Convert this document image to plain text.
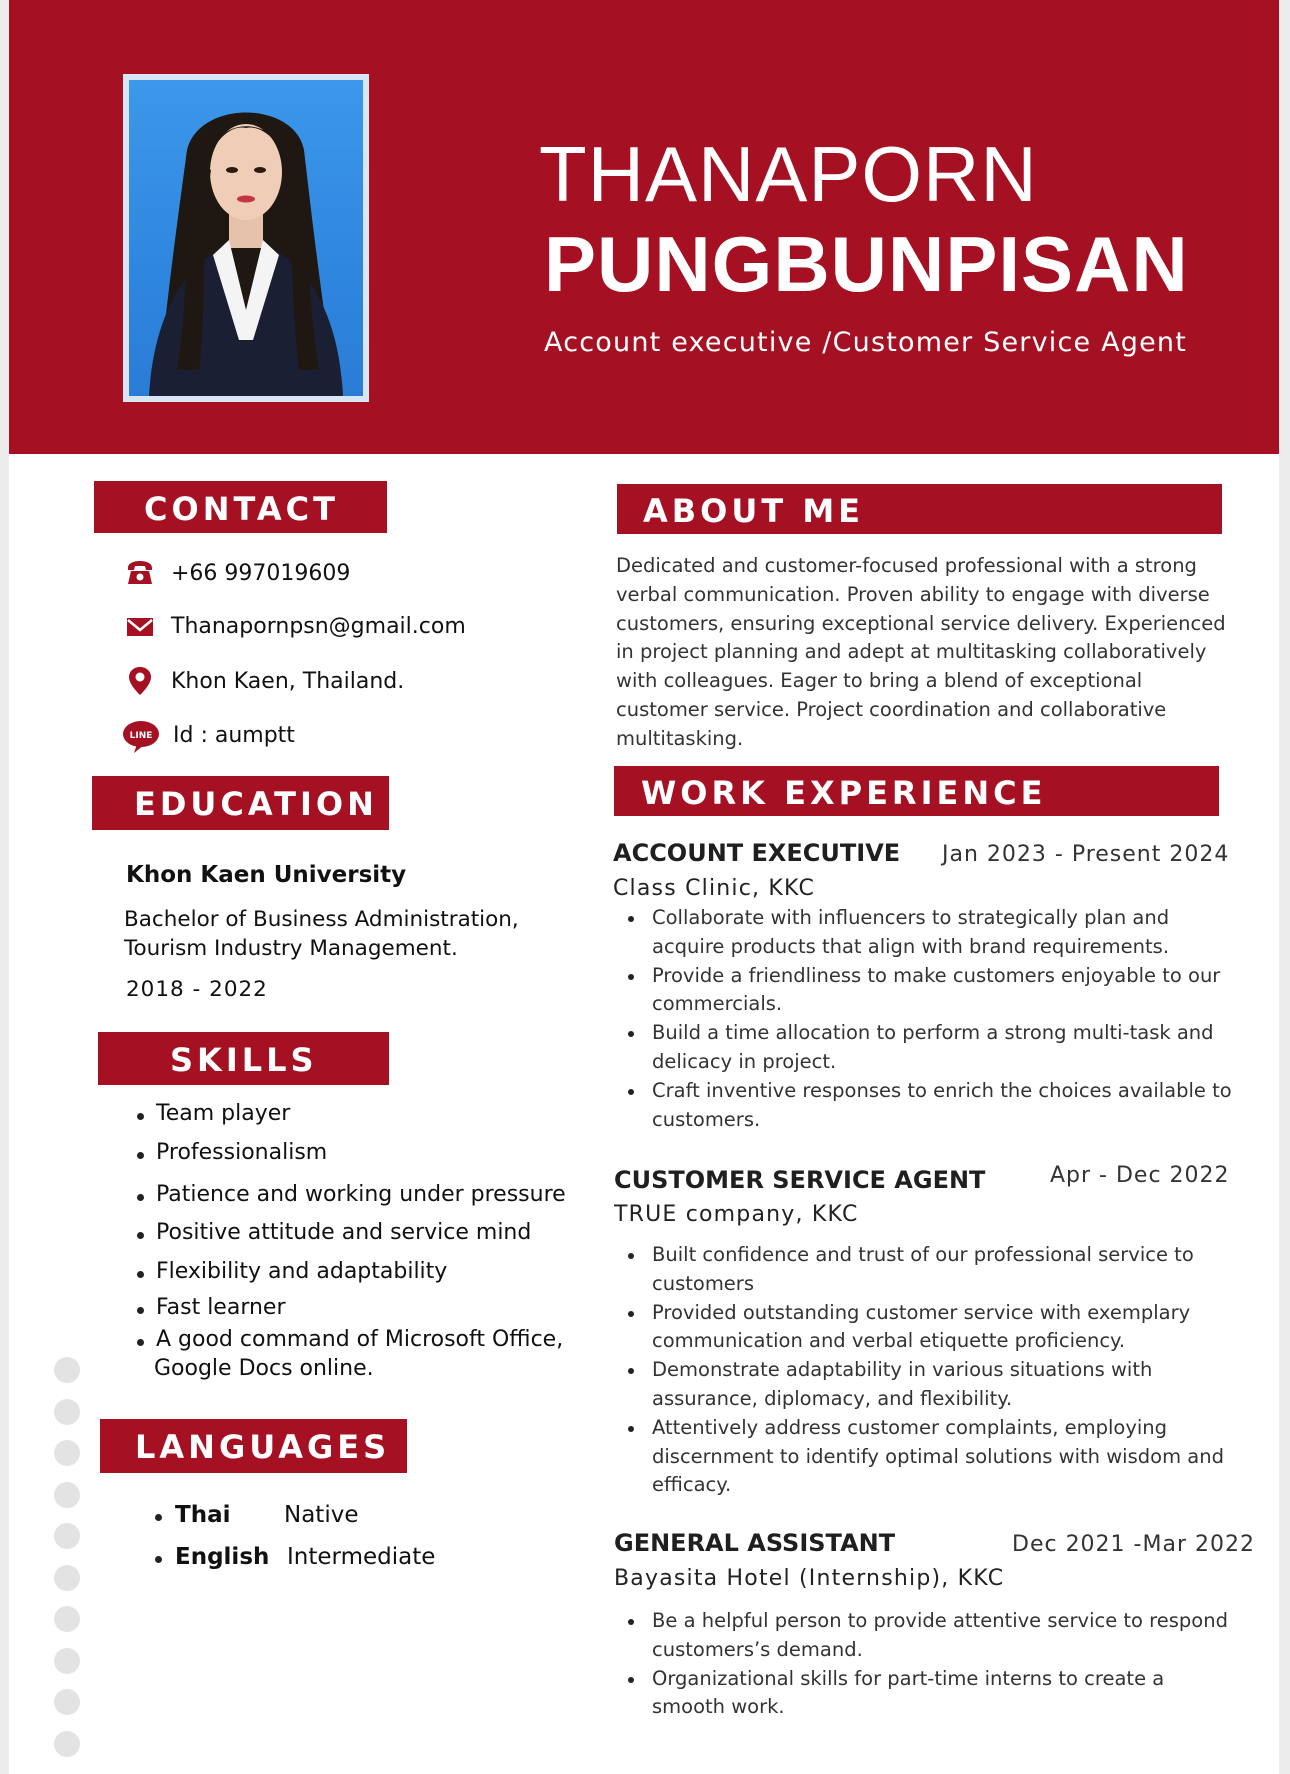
THANAPORN
PUNGBUNPISAN
Account executive /Customer Service Agent
CONTACT
+66 997019609
Thanapornpsn@gmail.com
Khon Kaen, Thailand.
LINE Id : aumptt
EDUCATION
Khon Kaen University
Bachelor of Business Administration,
Tourism Industry Management.
2018 - 2022
SKILLS
Team player
Professionalism
Patience and working under pressure
Positive attitude and service mind
Flexibility and adaptability
Fast learner
A good command of Microsoft Office,
Google Docs online.
LANGUAGES
Thai Native
English Intermediate
ABOUT ME
Dedicated and customer-focused professional with a strong
verbal communication. Proven ability to engage with diverse
customers, ensuring exceptional service delivery. Experienced
in project planning and adept at multitasking collaboratively
with colleagues. Eager to bring a blend of exceptional
customer service. Project coordination and collaborative
multitasking.
WORK EXPERIENCE
ACCOUNT EXECUTIVE Jan 2023 - Present 2024
Class Clinic, KKC
Collaborate with influencers to strategically plan and
acquire products that align with brand requirements.
Provide a friendliness to make customers enjoyable to our
commercials.
Build a time allocation to perform a strong multi-task and
delicacy in project.
Craft inventive responses to enrich the choices available to
customers.
CUSTOMER SERVICE AGENT	Apr - Dec 2022
TRUE company, KKC
Built confidence and trust of our professional service to
customers
Provided outstanding customer service with exemplary
communication and verbal etiquette proficiency.
Demonstrate adaptability in various situations with
assurance, diplomacy, and flexibility.
Attentively address customer complaints, employing
discernment to identify optimal solutions with wisdom and
efficacy.
GENERAL ASSISTANT	Dec 2021 -Mar 2022
Bayasita Hotel (Internship), KKC
Be a helpful person to provide attentive service to respond
customers’s demand.
Organizational skills for part-time interns to create a
smooth work.
